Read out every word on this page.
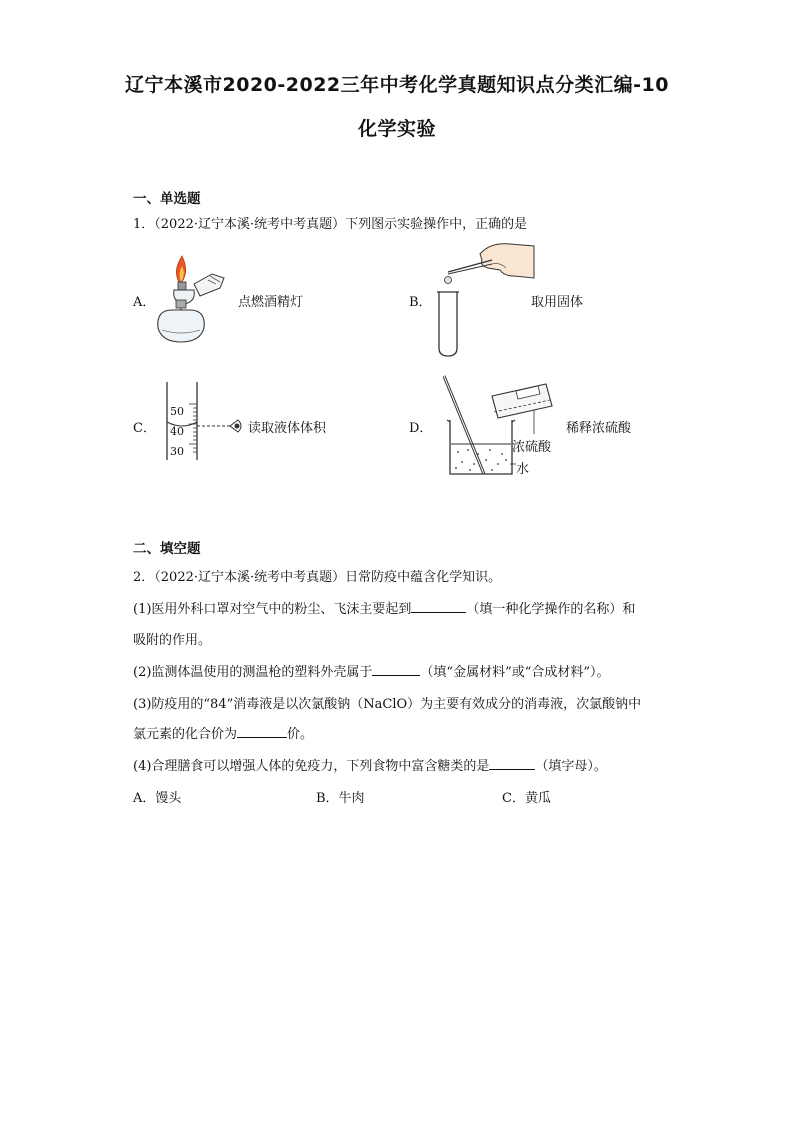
辽宁本溪市2020-2022三年中考化学真题知识点分类汇编-10
化学实验
一、单选题
1．（2022·辽宁本溪·统考中考真题）下列图示实验操作中，正确的是
A．	点燃酒精灯	B．	取用固体
C．
50
40
30
读取液体体积	D．	稀释浓硫酸
浓硫酸
水
二、填空题
2．（2022·辽宁本溪·统考中考真题）日常防疫中蕴含化学知识。
(1)医用外科口罩对空气中的粉尘、飞沫主要起到	（填一种化学操作的名称）和
吸附的作用。
(2)监测体温使用的测温枪的塑料外壳属于	（填“金属材料”或“合成材料”）。
(3)防疫用的“84”消毒液是以次氯酸钠（NaClO）为主要有效成分的消毒液，次氯酸钠中
氯元素的化合价为	价。
(4)合理膳食可以增强人体的免疫力，下列食物中富含糖类的是	（填字母）。
A．馒头	B．牛肉	C．黄瓜
